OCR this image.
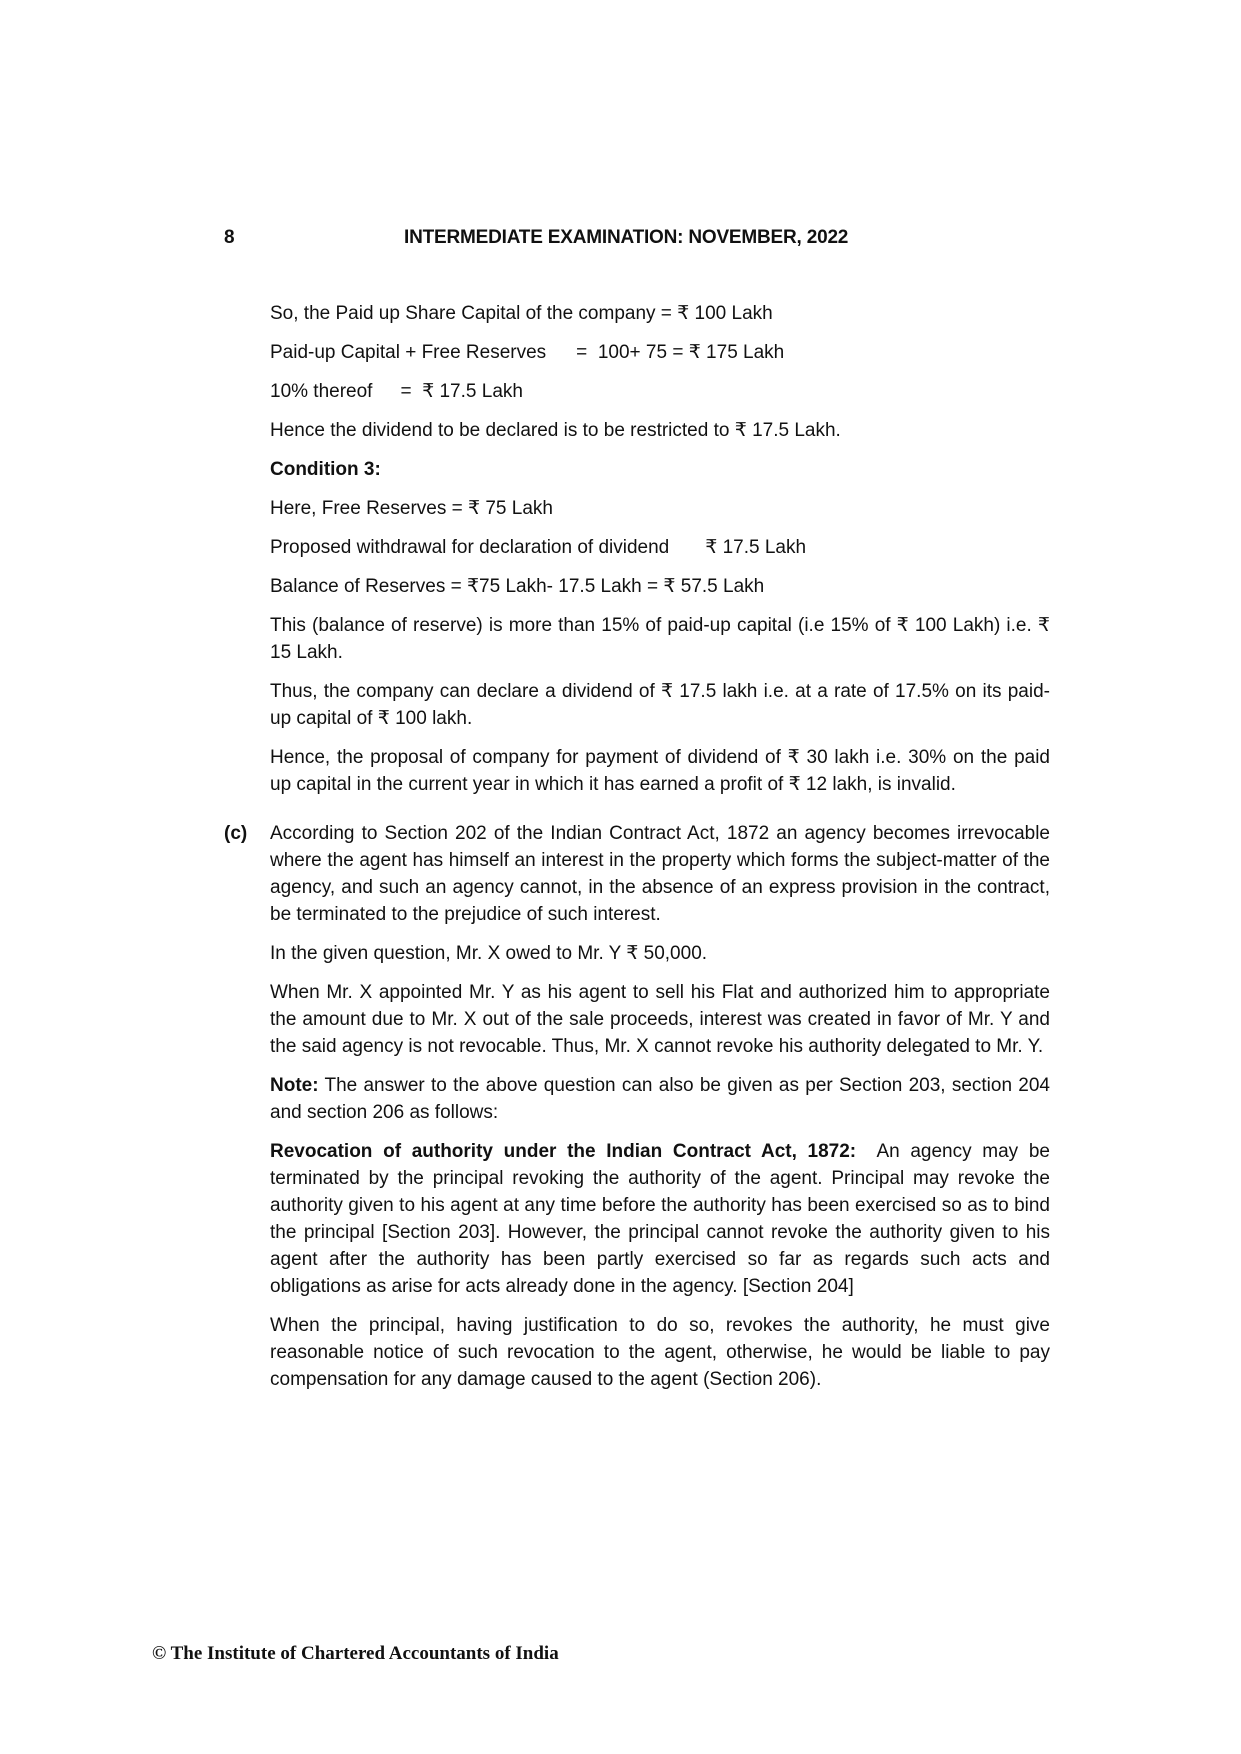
8	INTERMEDIATE EXAMINATION: NOVEMBER, 2022
So, the Paid up Share Capital of the company = ₹ 100 Lakh
Paid-up Capital + Free Reserves =  100+ 75 = ₹ 175 Lakh
10% thereof =  ₹ 17.5 Lakh
Hence the dividend to be declared is to be restricted to ₹ 17.5 Lakh.
Condition 3:
Here, Free Reserves = ₹ 75 Lakh
Proposed withdrawal for declaration of dividend ₹ 17.5 Lakh
Balance of Reserves = ₹75 Lakh- 17.5 Lakh = ₹ 57.5 Lakh

This (balance of reserve) is more than 15% of paid-up capital (i.e 15% of ₹ 100 Lakh) i.e. ₹ 15 Lakh.

Thus, the company can declare a dividend of ₹ 17.5 lakh i.e. at a rate of 17.5% on its paid-up capital of ₹ 100 lakh.

Hence, the proposal of company for payment of dividend of ₹ 30 lakh i.e. 30% on the paid up capital in the current year in which it has earned a profit of ₹ 12 lakh, is invalid.

(c) According to Section 202 of the Indian Contract Act, 1872 an agency becomes irrevocable where the agent has himself an interest in the property which forms the subject-matter of the agency, and such an agency cannot, in the absence of an express provision in the contract, be terminated to the prejudice of such interest.

In the given question, Mr. X owed to Mr. Y ₹ 50,000.

When Mr. X appointed Mr. Y as his agent to sell his Flat and authorized him to appropriate the amount due to Mr. X out of the sale proceeds, interest was created in favor of Mr. Y and the said agency is not revocable. Thus, Mr. X cannot revoke his authority delegated to Mr. Y.

Note: The answer to the above question can also be given as per Section 203, section 204 and section 206 as follows:

Revocation of authority under the Indian Contract Act, 1872:  An agency may be terminated by the principal revoking the authority of the agent. Principal may revoke the authority given to his agent at any time before the authority has been exercised so as to bind the principal [Section 203]. However, the principal cannot revoke the authority given to his agent after the authority has been partly exercised so far as regards such acts and obligations as arise for acts already done in the agency. [Section 204]

When the principal, having justification to do so, revokes the authority, he must give reasonable notice of such revocation to the agent, otherwise, he would be liable to pay compensation for any damage caused to the agent (Section 206).

© The Institute of Chartered Accountants of India
